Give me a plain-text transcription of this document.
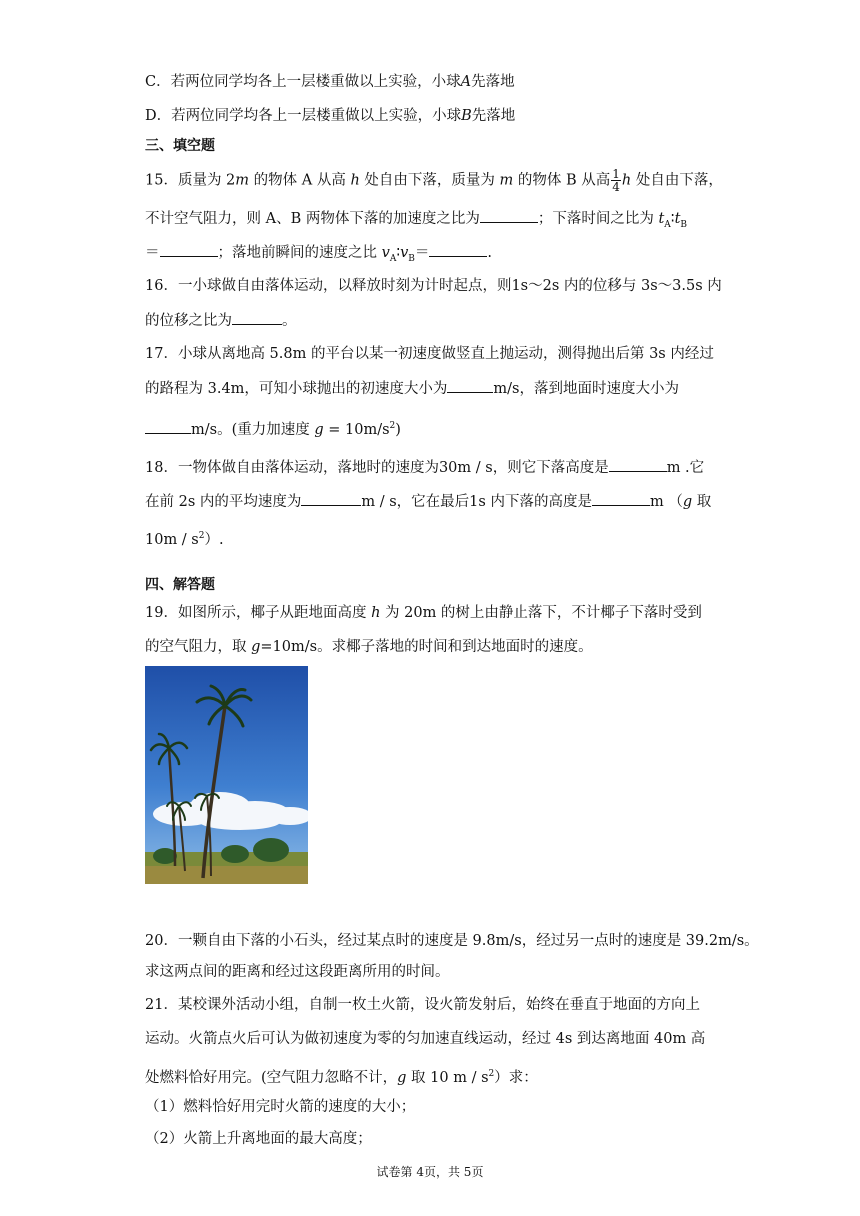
C．若两位同学均各上一层楼重做以上实验，小球A先落地
D．若两位同学均各上一层楼重做以上实验，小球B先落地
三、填空题
15．质量为 2m 的物体 A 从高 h 处自由下落，质量为 m 的物体 B 从高 $\frac{1}{4}$ h 处自由下落，
不计空气阻力，则 A、B 两物体下落的加速度之比为	；下落时间之比为 $t_A∶t_B$
＝	；落地前瞬间的速度之比 $v_A∶v_B=$	.
16．一小球做自由落体运动，以释放时刻为计时起点，则1s～2s 内的位移与 3s～3.5s 内
的位移之比为	。
17．小球从离地高 5.8m 的平台以某一初速度做竖直上抛运动，测得抛出后第 3s 内经过
的路程为 3.4m，可知小球抛出的初速度大小为	m/s，落到地面时速度大小为
m/s。(重力加速度 $g = 10m/s^2$)
18．一物体做自由落体运动，落地时的速度为30m / s，则它下落高度是	m .它
在前 2s 内的平均速度为	m / s，它在最后1s 内下落的高度是	m （g 取
$10m / s^2$）.
四、解答题
19．如图所示，椰子从距地面高度 h 为 20m 的树上由静止落下，不计椰子下落时受到
的空气阻力，取 g=10m/s。求椰子落地的时间和到达地面时的速度。
20．一颗自由下落的小石头，经过某点时的速度是 9.8m/s，经过另一点时的速度是 39.2m/s。
求这两点间的距离和经过这段距离所用的时间。
21．某校课外活动小组，自制一枚土火箭，设火箭发射后，始终在垂直于地面的方向上
运动。火箭点火后可认为做初速度为零的匀加速直线运动，经过 4s 到达离地面 40m 高
处燃料恰好用完。(空气阻力忽略不计，g 取 10 m / $s^2$）求：
（1）燃料恰好用完时火箭的速度的大小；
（2）火箭上升离地面的最大高度；
试卷第 4页，共 5页
